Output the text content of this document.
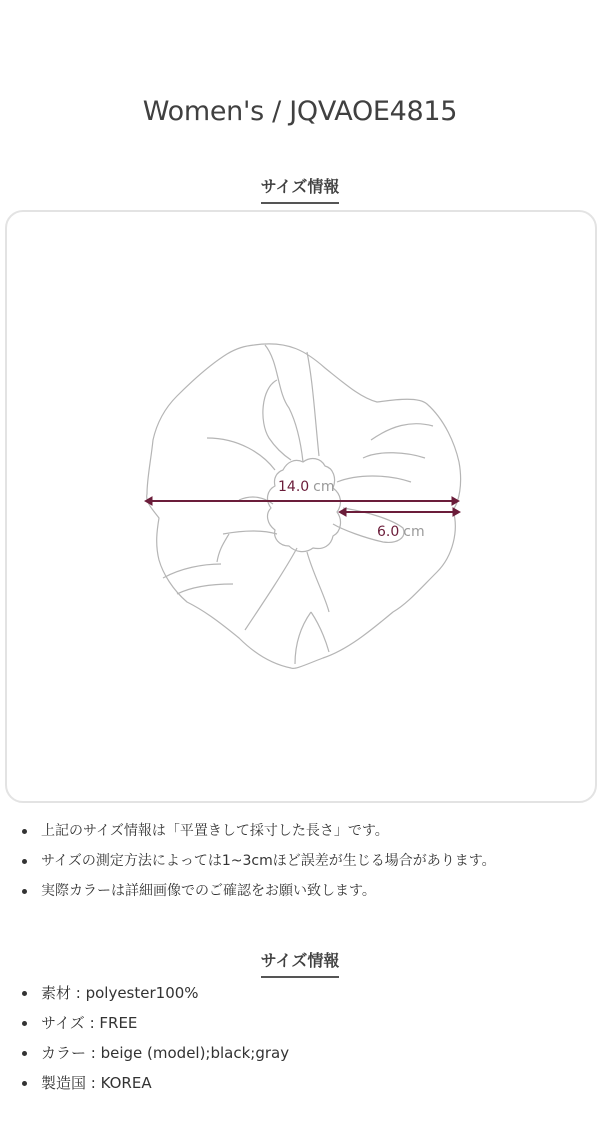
Women's / JQVAOE4815
サイズ情報
14.0 cm
6.0 cm
上記のサイズ情報は「平置きして採寸した長さ」です。
サイズの測定方法によっては1~3cmほど誤差が生じる場合があります。
実際カラーは詳細画像でのご確認をお願い致します。
サイズ情報
素材 : polyester100%
サイズ : FREE
カラー : beige (model);black;gray
製造国 : KOREA
